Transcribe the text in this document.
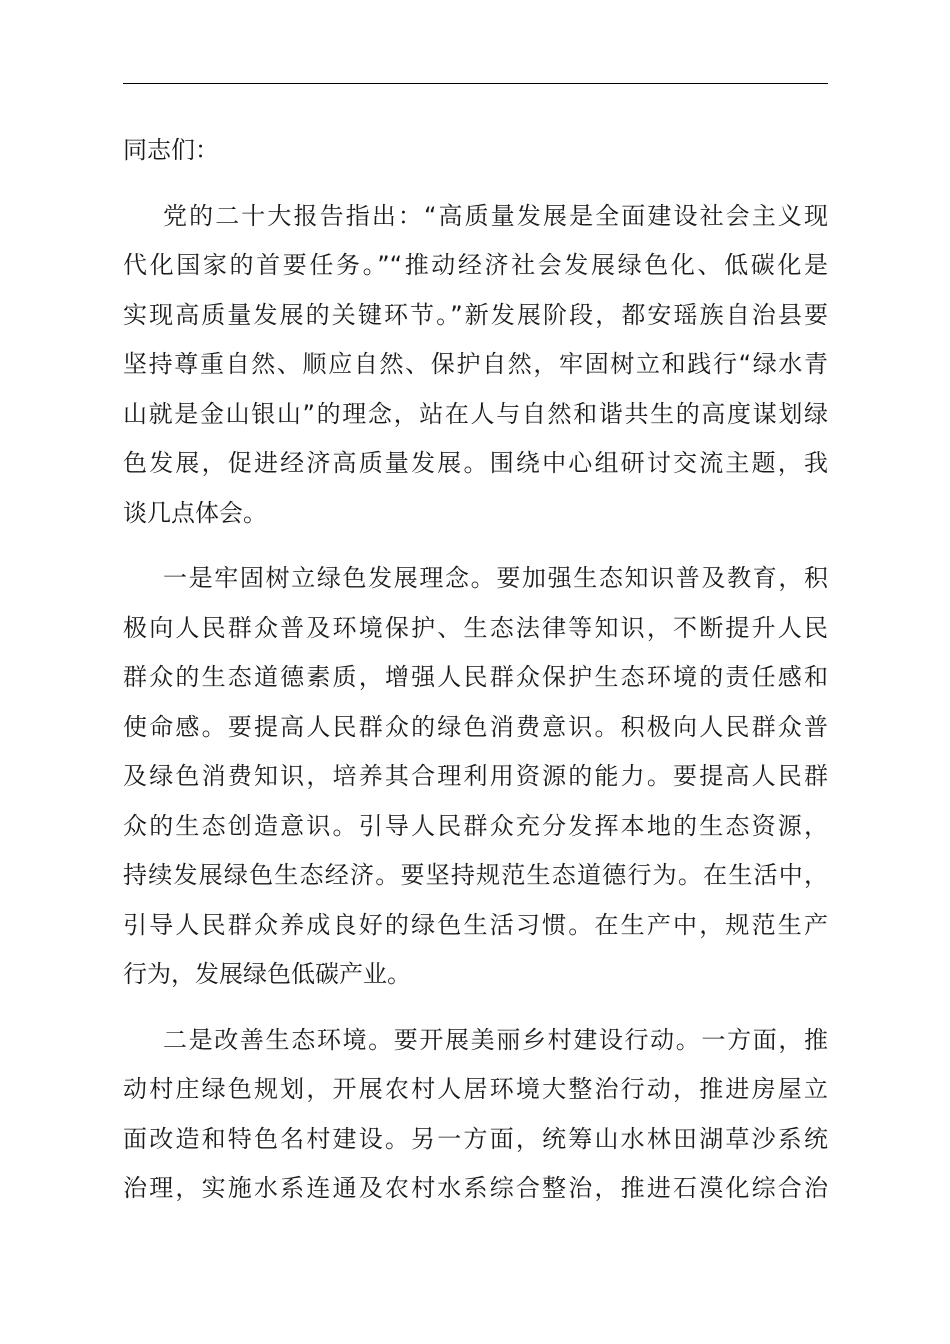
同志们：
党的二十大报告指出：“高质量发展是全面建设社会主义现
代化国家的首要任务。”“推动经济社会发展绿色化、低碳化是
实现高质量发展的关键环节。”新发展阶段，都安瑶族自治县要
坚持尊重自然、顺应自然、保护自然，牢固树立和践行“绿水青
山就是金山银山”的理念，站在人与自然和谐共生的高度谋划绿
色发展，促进经济高质量发展。围绕中心组研讨交流主题，我
谈几点体会。
一是牢固树立绿色发展理念。要加强生态知识普及教育，积
极向人民群众普及环境保护、生态法律等知识，不断提升人民
群众的生态道德素质，增强人民群众保护生态环境的责任感和
使命感。要提高人民群众的绿色消费意识。积极向人民群众普
及绿色消费知识，培养其合理利用资源的能力。要提高人民群
众的生态创造意识。引导人民群众充分发挥本地的生态资源，
持续发展绿色生态经济。要坚持规范生态道德行为。在生活中，
引导人民群众养成良好的绿色生活习惯。在生产中，规范生产
行为，发展绿色低碳产业。
二是改善生态环境。要开展美丽乡村建设行动。一方面，推
动村庄绿色规划，开展农村人居环境大整治行动，推进房屋立
面改造和特色名村建设。另一方面，统筹山水林田湖草沙系统
治理，实施水系连通及农村水系综合整治，推进石漠化综合治
